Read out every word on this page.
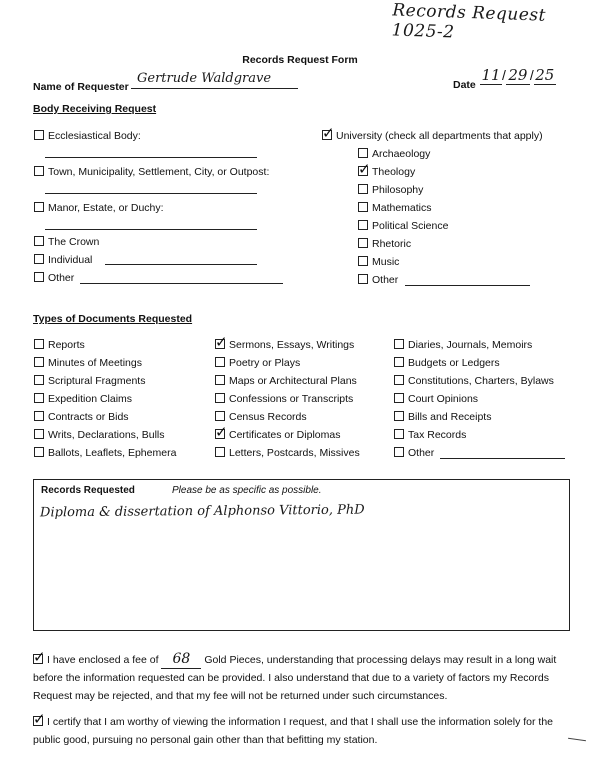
Records Request 1025-2
Records Request Form
Name of Requester
Gertrude Waldgrave	Date
11/ 29 /25
Body Receiving Request
Ecclesiastical Body:
Town, Municipality, Settlement, City, or Outpost:
Manor, Estate, or Duchy:
The Crown
Individual
Other
✓University (check all departments that apply)
Archaeology
✓Theology
Philosophy
Mathematics
Political Science
Rhetoric
Music
Other
Types of Documents Requested
Reports
Minutes of Meetings
Scriptural Fragments
Expedition Claims
Contracts or Bids
Writs, Declarations, Bulls
Ballots, Leaflets, Ephemera
✓Sermons, Essays, Writings
Poetry or Plays
Maps or Architectural Plans
Confessions or Transcripts
Census Records
✓Certificates or Diplomas
Letters, Postcards, Missives
Diaries, Journals, Memoirs
Budgets or Ledgers
Constitutions, Charters, Bylaws
Court Opinions
Bills and Receipts
Tax Records
Other
Records Requested	Please be as specific as possible.
Diploma & dissertation of Alphonso Vittorio, PhD
✓I have enclosed a fee of 68 Gold Pieces, understanding that processing delays may result in a long wait before the information requested can be provided. I also understand that due to a variety of factors my Records Request may be rejected, and that my fee will not be returned under such circumstances.
✓I certify that I am worthy of viewing the information I request, and that I shall use the information solely for the public good, pursuing no personal gain other than that befitting my station.
